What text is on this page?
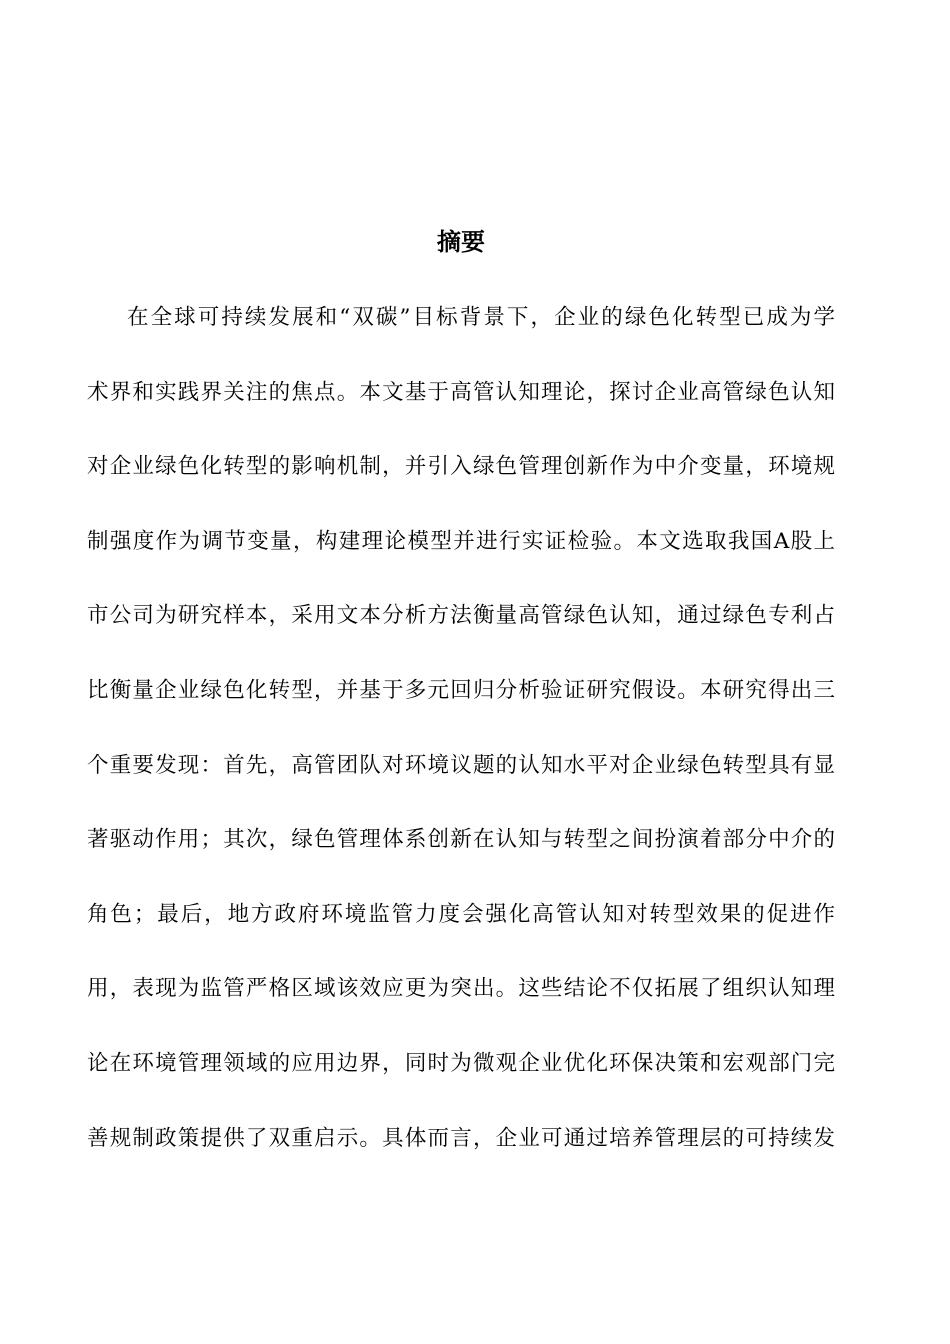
摘要
在全球可持续发展和“双碳”目标背景下，企业的绿色化转型已成为学
术界和实践界关注的焦点。本文基于高管认知理论，探讨企业高管绿色认知
对企业绿色化转型的影响机制，并引入绿色管理创新作为中介变量，环境规
制强度作为调节变量，构建理论模型并进行实证检验。本文选取我国A股上
市公司为研究样本，采用文本分析方法衡量高管绿色认知，通过绿色专利占
比衡量企业绿色化转型，并基于多元回归分析验证研究假设。本研究得出三
个重要发现：首先，高管团队对环境议题的认知水平对企业绿色转型具有显
著驱动作用；其次，绿色管理体系创新在认知与转型之间扮演着部分中介的
角色；最后，地方政府环境监管力度会强化高管认知对转型效果的促进作
用，表现为监管严格区域该效应更为突出。这些结论不仅拓展了组织认知理
论在环境管理领域的应用边界，同时为微观企业优化环保决策和宏观部门完
善规制政策提供了双重启示。具体而言，企业可通过培养管理层的可持续发
